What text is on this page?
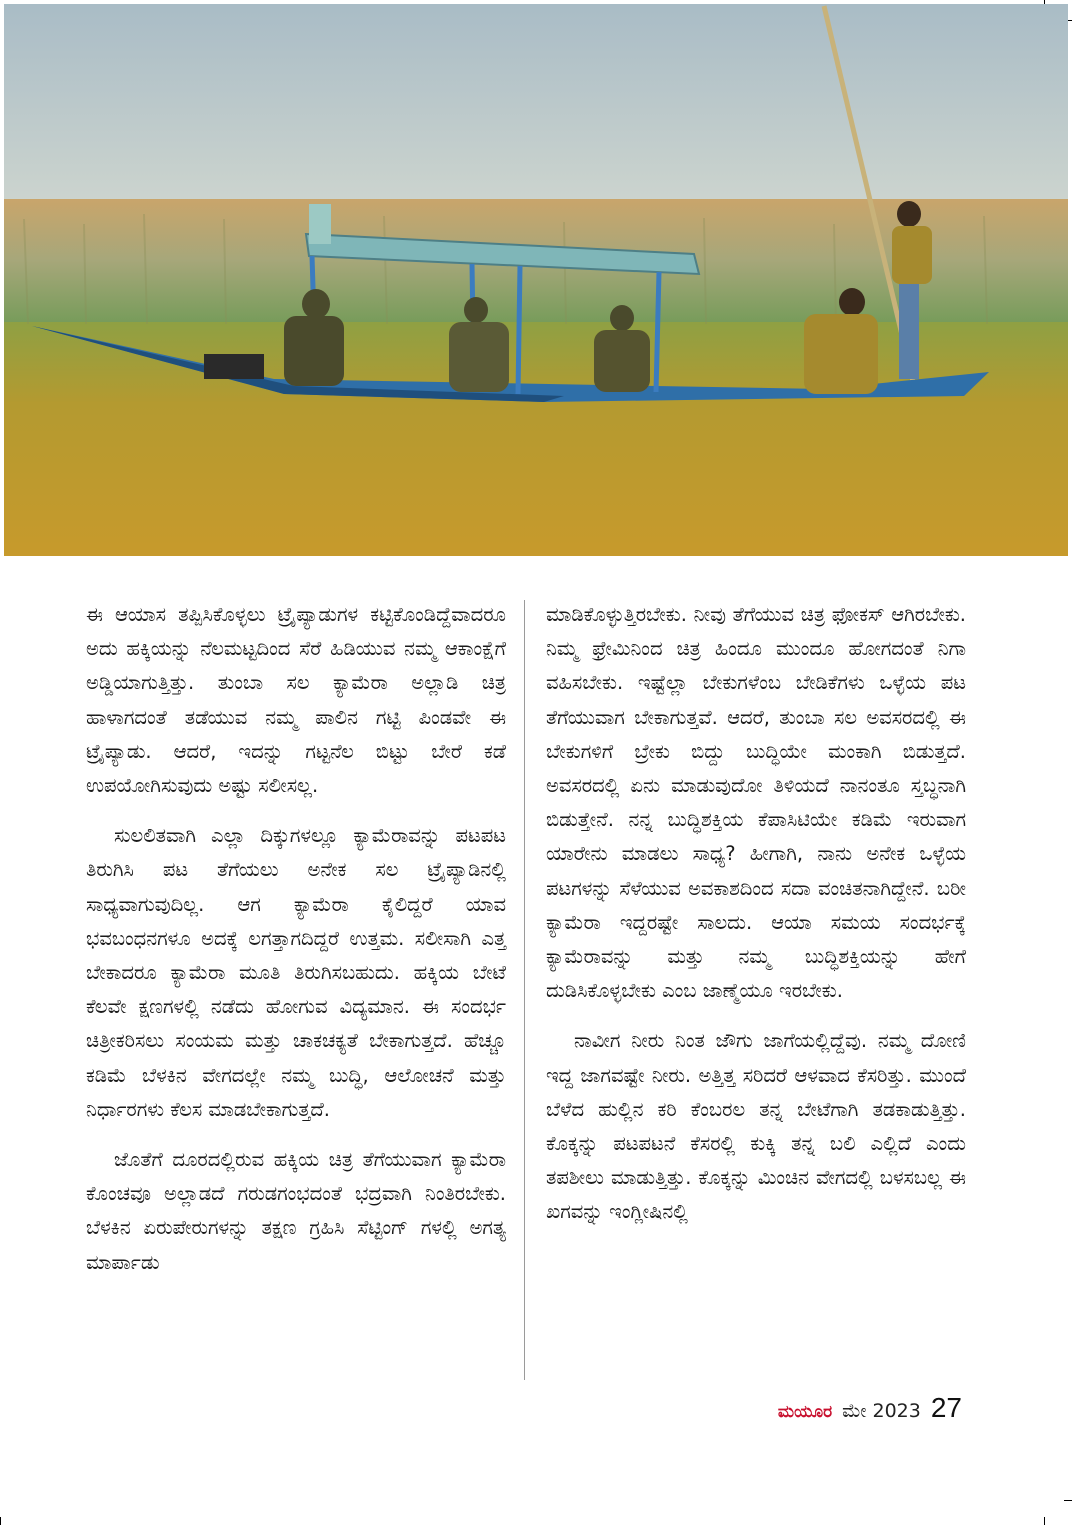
ಈ ಆಯಾಸ ತಪ್ಪಿಸಿಕೊಳ್ಳಲು ಟ್ರೈಪ್ಯಾಡುಗಳ ಕಟ್ಟಿಕೊಂಡಿದ್ದೆವಾದರೂ ಅದು ಹಕ್ಕಿಯನ್ನು ನೆಲಮಟ್ಟದಿಂದ ಸೆರೆ ಹಿಡಿಯುವ ನಮ್ಮ ಆಕಾಂಕ್ಷೆಗೆ ಅಡ್ಡಿಯಾಗುತ್ತಿತ್ತು. ತುಂಬಾ ಸಲ ಕ್ಯಾಮೆರಾ ಅಲ್ಲಾಡಿ ಚಿತ್ರ ಹಾಳಾಗದಂತೆ ತಡೆಯುವ ನಮ್ಮ ಪಾಲಿನ ಗಟ್ಟಿ ಪಿಂಡವೇ ಈ ಟ್ರೈಪ್ಯಾಡು. ಆದರೆ, ಇದನ್ನು ಗಟ್ಟನೆಲ ಬಿಟ್ಟು ಬೇರೆ ಕಡೆ ಉಪಯೋಗಿಸುವುದು ಅಷ್ಟು ಸಲೀಸಲ್ಲ.

ಸುಲಲಿತವಾಗಿ ಎಲ್ಲಾ ದಿಕ್ಕುಗಳಲ್ಲೂ ಕ್ಯಾಮೆರಾವನ್ನು ಪಟಪಟ ತಿರುಗಿಸಿ ಪಟ ತೆಗೆಯಲು ಅನೇಕ ಸಲ ಟ್ರೈಪ್ಯಾಡಿನಲ್ಲಿ ಸಾಧ್ಯವಾಗುವುದಿಲ್ಲ. ಆಗ ಕ್ಯಾಮೆರಾ ಕೈಲಿದ್ದರೆ ಯಾವ ಭವಬಂಧನಗಳೂ ಅದಕ್ಕೆ ಲಗತ್ತಾಗದಿದ್ದರೆ ಉತ್ತಮ. ಸಲೀಸಾಗಿ ಎತ್ತ ಬೇಕಾದರೂ ಕ್ಯಾಮೆರಾ ಮೂತಿ ತಿರುಗಿಸಬಹುದು. ಹಕ್ಕಿಯ ಬೇಟೆ ಕೆಲವೇ ಕ್ಷಣಗಳಲ್ಲಿ ನಡೆದು ಹೋಗುವ ವಿದ್ಯಮಾನ. ಈ ಸಂದರ್ಭ ಚಿತ್ರೀಕರಿಸಲು ಸಂಯಮ ಮತ್ತು ಚಾಕಚಕ್ಯತೆ ಬೇಕಾಗುತ್ತದೆ. ಹೆಚ್ಚೂ ಕಡಿಮೆ ಬೆಳಕಿನ ವೇಗದಲ್ಲೇ ನಮ್ಮ ಬುದ್ಧಿ, ಆಲೋಚನೆ ಮತ್ತು ನಿರ್ಧಾರಗಳು ಕೆಲಸ ಮಾಡಬೇಕಾಗುತ್ತದೆ.

ಜೊತೆಗೆ ದೂರದಲ್ಲಿರುವ ಹಕ್ಕಿಯ ಚಿತ್ರ ತೆಗೆಯುವಾಗ ಕ್ಯಾಮೆರಾ ಕೊಂಚವೂ ಅಲ್ಲಾಡದೆ ಗರುಡಗಂಭದಂತೆ ಭದ್ರವಾಗಿ ನಿಂತಿರಬೇಕು. ಬೆಳಕಿನ ಏರುಪೇರುಗಳನ್ನು ತಕ್ಷಣ ಗ್ರಹಿಸಿ ಸೆಟ್ಟಿಂಗ್ ಗಳಲ್ಲಿ ಅಗತ್ಯ ಮಾರ್ಪಾಡು

ಮಾಡಿಕೊಳ್ಳುತ್ತಿರಬೇಕು. ನೀವು ತೆಗೆಯುವ ಚಿತ್ರ ಫೋಕಸ್ ಆಗಿರಬೇಕು. ನಿಮ್ಮ ಫ್ರೇಮಿನಿಂದ ಚಿತ್ರ ಹಿಂದೂ ಮುಂದೂ ಹೋಗದಂತೆ ನಿಗಾ ವಹಿಸಬೇಕು. ಇಷ್ಟೆಲ್ಲಾ ಬೇಕುಗಳೆಂಬ ಬೇಡಿಕೆಗಳು ಒಳ್ಳೆಯ ಪಟ ತೆಗೆಯುವಾಗ ಬೇಕಾಗುತ್ತವೆ. ಆದರೆ, ತುಂಬಾ ಸಲ ಅವಸರದಲ್ಲಿ ಈ ಬೇಕುಗಳಿಗೆ ಬ್ರೇಕು ಬಿದ್ದು ಬುದ್ಧಿಯೇ ಮಂಕಾಗಿ ಬಿಡುತ್ತದೆ. ಅವಸರದಲ್ಲಿ ಏನು ಮಾಡುವುದೋ ತಿಳಿಯದೆ ನಾನಂತೂ ಸ್ತಬ್ಧನಾಗಿ ಬಿಡುತ್ತೇನೆ. ನನ್ನ ಬುದ್ಧಿಶಕ್ತಿಯ ಕೆಪಾಸಿಟಿಯೇ ಕಡಿಮೆ ಇರುವಾಗ ಯಾರೇನು ಮಾಡಲು ಸಾಧ್ಯ? ಹೀಗಾಗಿ, ನಾನು ಅನೇಕ ಒಳ್ಳೆಯ ಪಟಗಳನ್ನು ಸೆಳೆಯುವ ಅವಕಾಶದಿಂದ ಸದಾ ವಂಚಿತನಾಗಿದ್ದೇನೆ. ಬರೀ ಕ್ಯಾಮೆರಾ ಇದ್ದರಷ್ಟೇ ಸಾಲದು. ಆಯಾ ಸಮಯ ಸಂದರ್ಭಕ್ಕೆ ಕ್ಯಾಮೆರಾವನ್ನು ಮತ್ತು ನಮ್ಮ ಬುದ್ಧಿಶಕ್ತಿಯನ್ನು ಹೇಗೆ ದುಡಿಸಿಕೊಳ್ಳಬೇಕು ಎಂಬ ಜಾಣ್ಮೆಯೂ ಇರಬೇಕು.

ನಾವೀಗ ನೀರು ನಿಂತ ಜೌಗು ಜಾಗೆಯಲ್ಲಿದ್ದೆವು. ನಮ್ಮ ದೋಣಿ ಇದ್ದ ಜಾಗವಷ್ಟೇ ನೀರು. ಅತ್ತಿತ್ತ ಸರಿದರೆ ಆಳವಾದ ಕೆಸರಿತ್ತು. ಮುಂದೆ ಬೆಳೆದ ಹುಲ್ಲಿನ ಕರಿ ಕೆಂಬರಲ ತನ್ನ ಬೇಟೆಗಾಗಿ ತಡಕಾಡುತ್ತಿತ್ತು. ಕೊಕ್ಕನ್ನು ಪಟಪಟನೆ ಕೆಸರಲ್ಲಿ ಕುಕ್ಕಿ ತನ್ನ ಬಲಿ ಎಲ್ಲಿದೆ ಎಂದು ತಪಶೀಲು ಮಾಡುತ್ತಿತ್ತು. ಕೊಕ್ಕನ್ನು ಮಿಂಚಿನ ವೇಗದಲ್ಲಿ ಬಳಸಬಲ್ಲ ಈ ಖಗವನ್ನು ಇಂಗ್ಲೀಷಿನಲ್ಲಿ

ಮಯೂರ ಮೇ 2023 27
